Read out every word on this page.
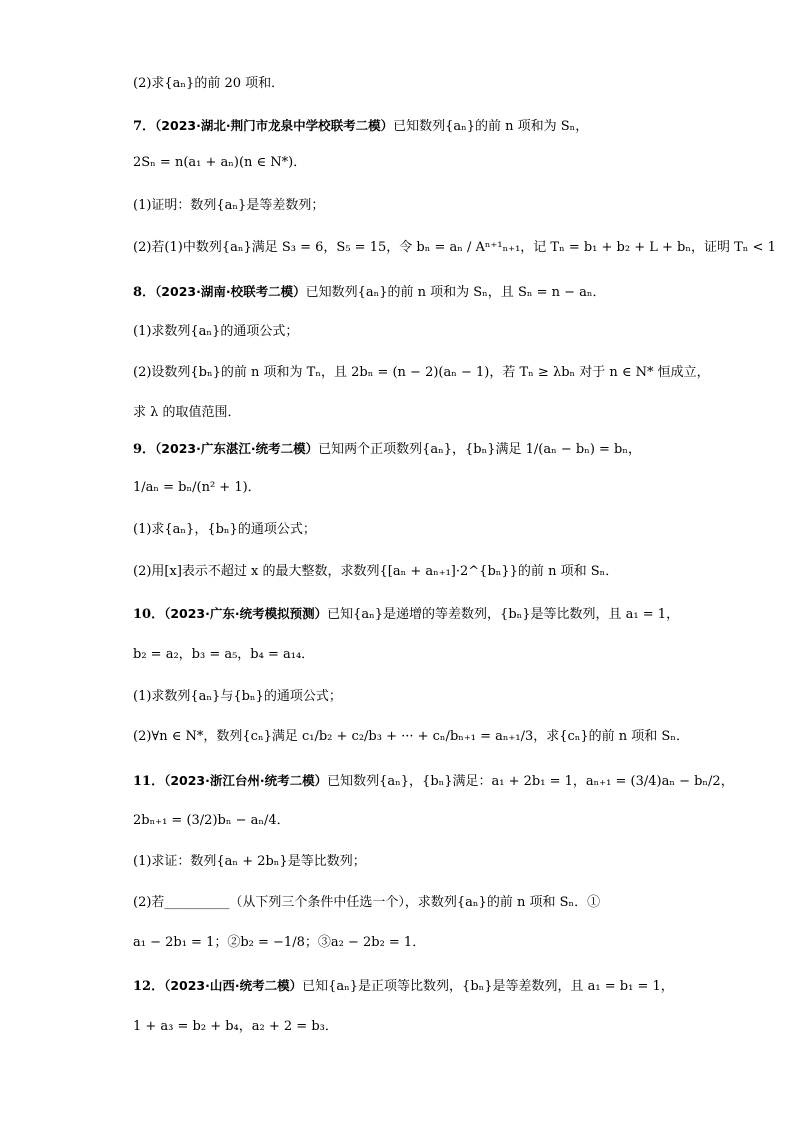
(2)求{aₙ}的前 20 项和．
7．（2023·湖北·荆门市龙泉中学校联考二模）已知数列{aₙ}的前 n 项和为 Sₙ，
2Sₙ = n(a₁ + aₙ)(n ∈ N*)．
(1)证明：数列{aₙ}是等差数列；
(2)若(1)中数列{aₙ}满足 S₃ = 6，S₅ = 15，令 bₙ = aₙ / Aⁿ⁺¹ₙ₊₁，记 Tₙ = b₁ + b₂ + L + bₙ，证明 Tₙ < 1
8．（2023·湖南·校联考二模）已知数列{aₙ}的前 n 项和为 Sₙ，且 Sₙ = n − aₙ．
(1)求数列{aₙ}的通项公式；
(2)设数列{bₙ}的前 n 项和为 Tₙ，且 2bₙ = (n − 2)(aₙ − 1)，若 Tₙ ≥ λbₙ 对于 n ∈ N* 恒成立，
求 λ 的取值范围．
9．（2023·广东湛江·统考二模）已知两个正项数列{aₙ}，{bₙ}满足 1/(aₙ − bₙ) = bₙ，
1/aₙ = bₙ/(n² + 1)．
(1)求{aₙ}，{bₙ}的通项公式；
(2)用[x]表示不超过 x 的最大整数，求数列{[aₙ + aₙ₊₁]·2^{bₙ}}的前 n 项和 Sₙ．
10．（2023·广东·统考模拟预测）已知{aₙ}是递增的等差数列，{bₙ}是等比数列，且 a₁ = 1，
b₂ = a₂，b₃ = a₅，b₄ = a₁₄．
(1)求数列{aₙ}与{bₙ}的通项公式；
(2)∀n ∈ N*，数列{cₙ}满足 c₁/b₂ + c₂/b₃ + ··· + cₙ/bₙ₊₁ = aₙ₊₁/3，求{cₙ}的前 n 项和 Sₙ．
11．（2023·浙江台州·统考二模）已知数列{aₙ}，{bₙ}满足：a₁ + 2b₁ = 1，aₙ₊₁ = (3/4)aₙ − bₙ/2，
2bₙ₊₁ = (3/2)bₙ − aₙ/4．
(1)求证：数列{aₙ + 2bₙ}是等比数列；
(2)若__________（从下列三个条件中任选一个），求数列{aₙ}的前 n 项和 Sₙ．①
a₁ − 2b₁ = 1；②b₂ = −1/8；③a₂ − 2b₂ = 1．
12．（2023·山西·统考二模）已知{aₙ}是正项等比数列，{bₙ}是等差数列，且 a₁ = b₁ = 1，
1 + a₃ = b₂ + b₄，a₂ + 2 = b₃．
